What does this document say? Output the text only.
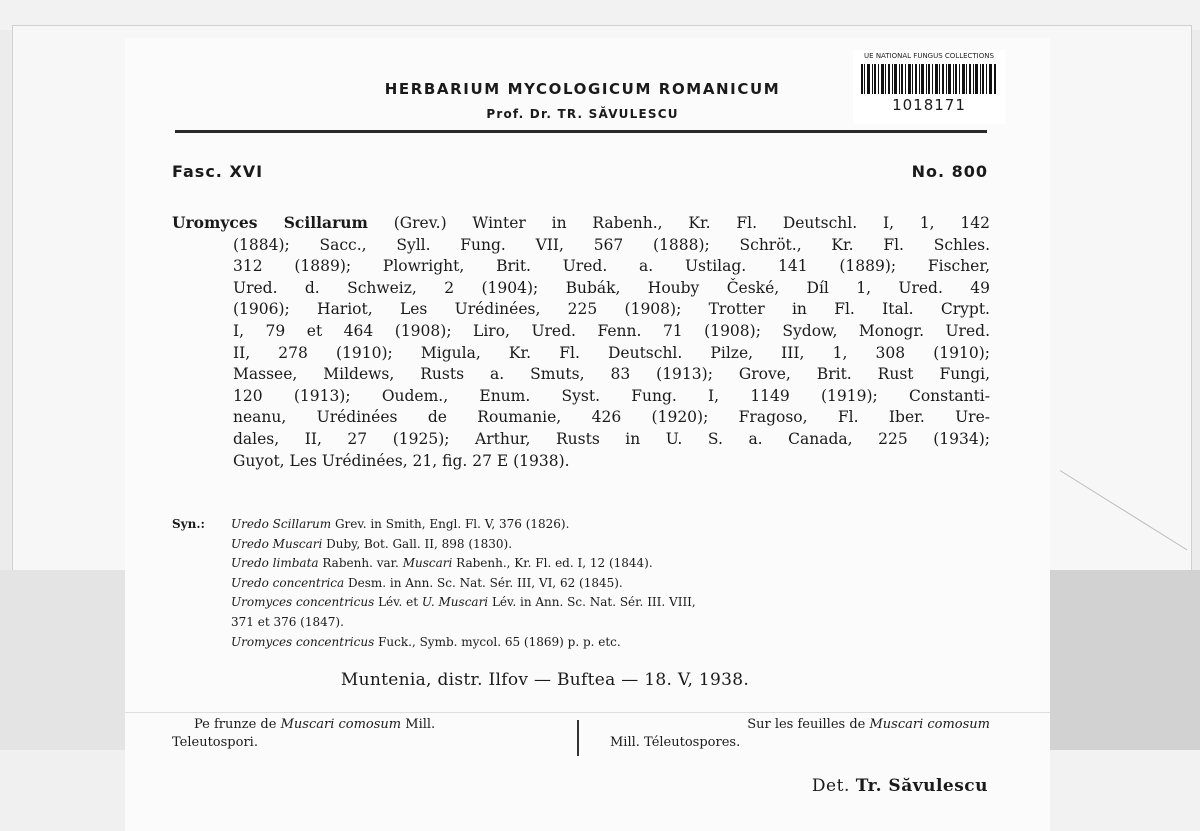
HERBARIUM MYCOLOGICUM ROMANICUM
Prof. Dr. TR. SĂVULESCU
UE NATIONAL FUNGUS COLLECTIONS
1018171
Fasc. XVI	No. 800
Uromyces Scillarum (Grev.) Winter in Rabenh., Kr. Fl. Deutschl. I, 1, 142
(1884); Sacc., Syll. Fung. VII, 567 (1888); Schröt., Kr. Fl. Schles.
312 (1889); Plowright, Brit. Ured. a. Ustilag. 141 (1889); Fischer,
Ured. d. Schweiz, 2 (1904); Bubák, Houby České, Díl 1, Ured. 49
(1906); Hariot, Les Urédinées, 225 (1908); Trotter in Fl. Ital. Crypt.
I, 79 et 464 (1908); Liro, Ured. Fenn. 71 (1908); Sydow, Monogr. Ured.
II, 278 (1910); Migula, Kr. Fl. Deutschl. Pilze, III, 1, 308 (1910);
Massee, Mildews, Rusts a. Smuts, 83 (1913); Grove, Brit. Rust Fungi,
120 (1913); Oudem., Enum. Syst. Fung. I, 1149 (1919); Constanti-
neanu, Urédinées de Roumanie, 426 (1920); Fragoso, Fl. Iber. Ure-
dales, II, 27 (1925); Arthur, Rusts in U. S. a. Canada, 225 (1934);
Guyot, Les Urédinées, 21, fig. 27 E (1938).
Syn.:	Uredo Scillarum Grev. in Smith, Engl. Fl. V, 376 (1826).
Uredo Muscari Duby, Bot. Gall. II, 898 (1830).
Uredo limbata Rabenh. var. Muscari Rabenh., Kr. Fl. ed. I, 12 (1844).
Uredo concentrica Desm. in Ann. Sc. Nat. Sér. III, VI, 62 (1845).
Uromyces concentricus Lév. et U. Muscari Lév. in Ann. Sc. Nat. Sér. III. VIII,
371 et 376 (1847).
Uromyces concentricus Fuck., Symb. mycol. 65 (1869) p. p. etc.
Muntenia, distr. Ilfov — Buftea — 18. V, 1938.
Pe frunze de Muscari comosum Mill.
Teleutospori.
Sur les feuilles de Muscari comosum
Mill. Téleutospores.
Det. Tr. Săvulescu
